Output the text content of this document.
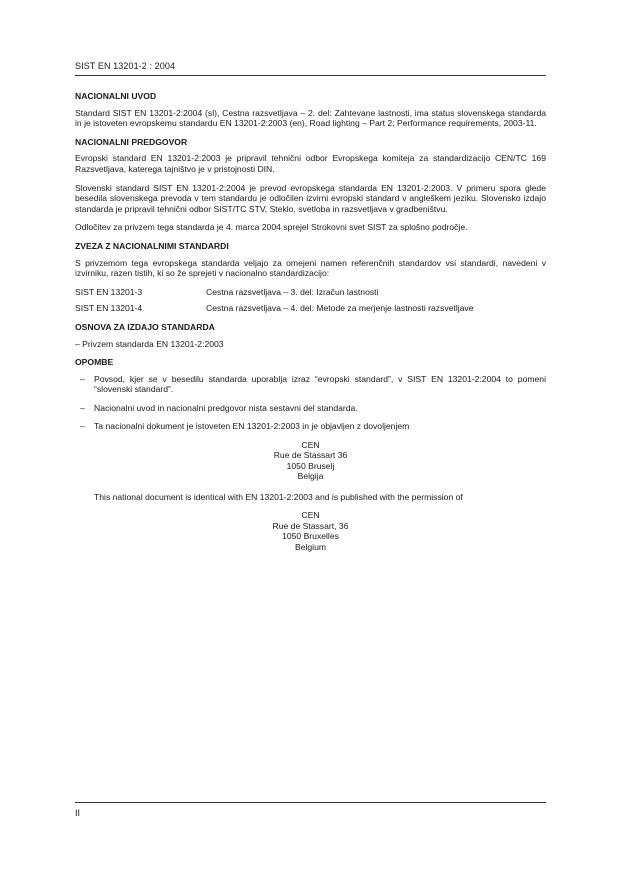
SIST EN 13201-2 : 2004
NACIONALNI UVOD

Standard SIST EN 13201-2:2004 (sl), Cestna razsvetljava – 2. del: Zahtevane lastnosti, ima status slovenskega standarda in je istoveten evropskemu standardu EN 13201-2:2003 (en), Road lighting – Part 2: Performance requirements, 2003-11.

NACIONALNI PREDGOVOR

Evropski standard EN 13201-2:2003 je pripravil tehnični odbor Evropskega komiteja za standardizacijo CEN/TC 169 Razsvetljava, katerega tajništvo je v pristojnosti DIN.

Slovenski standard SIST EN 13201-2:2004 je prevod evropskega standarda EN 13201-2:2003. V primeru spora glede besedila slovenskega prevoda v tem standardu je odločilen izvirni evropski standard v angleškem jeziku. Slovensko izdajo standarda je pripravil tehnični odbor SIST/TC STV, Steklo, svetloba in razsvetljava v gradbeništvu.

Odločitev za privzem tega standarda je 4. marca 2004 sprejel Strokovni svet SIST za splošno področje.

ZVEZA Z NACIONALNIMI STANDARDI

S privzemom tega evropskega standarda veljajo za omejeni namen referenčnih standardov vsi standardi, navedeni v izvirniku, razen tistih, ki so že sprejeti v nacionalno standardizacijo:

SIST EN 13201-3	Cestna razsvetljava – 3. del: Izračun lastnosti
SIST EN 13201-4	Cestna razsvetljava – 4. del: Metode za merjenje lastnosti razsvetljave
OSNOVA ZA IZDAJO STANDARDA

– Privzem standarda EN 13201-2:2003

OPOMBE
–	Povsod, kjer se v besedilu standarda uporablja izraz “evropski standard”, v SIST EN 13201-2:2004 to pomeni “slovenski standard”.
–	Nacionalni uvod in nacionalni predgovor nista sestavni del standarda.
–	Ta nacionalni dokument je istoveten EN 13201-2:2003 in je objavljen z dovoljenjem
CEN
Rue de Stassart 36
1050 Bruselj
Belgija

This national document is identical with EN 13201-2:2003 and is published with the permission of

CEN
Rue de Stassart, 36
1050 Bruxelles
Belgium
II
